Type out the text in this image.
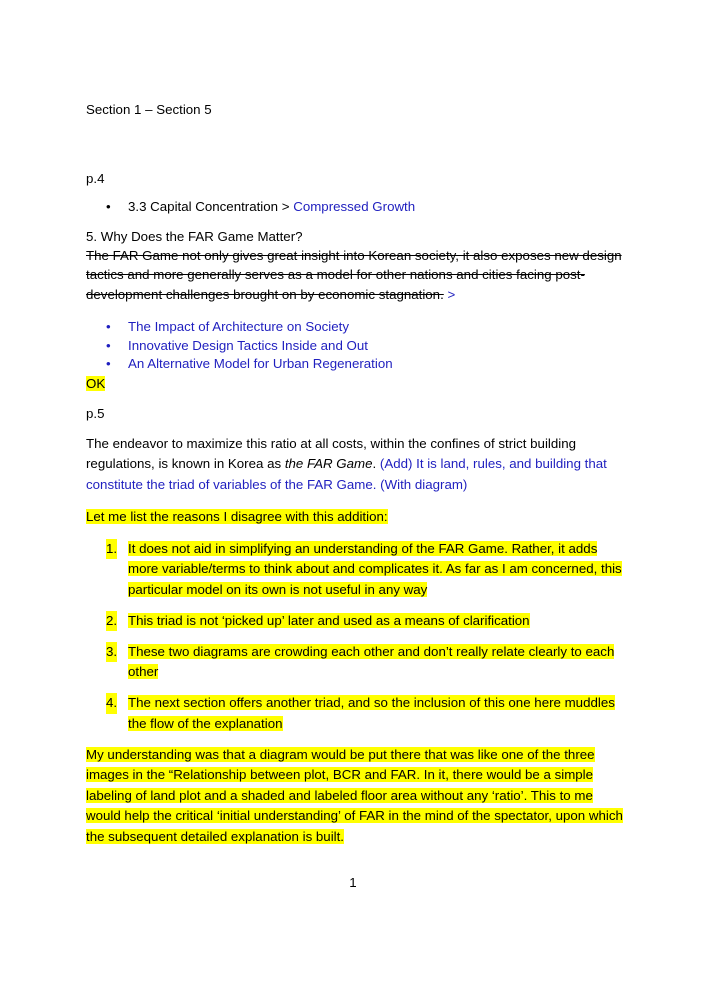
Section 1 – Section 5

p.4

• 3.3 Capital Concentration > Compressed Growth

5. Why Does the FAR Game Matter?

The FAR Game not only gives great insight into Korean society, it also exposes new design tactics and more generally serves as a model for other nations and cities facing post-development challenges brought on by economic stagnation. >

• The Impact of Architecture on Society
• Innovative Design Tactics Inside and Out
• An Alternative Model for Urban Regeneration

OK

p.5

The endeavor to maximize this ratio at all costs, within the confines of strict building regulations, is known in Korea as the FAR Game. (Add) It is land, rules, and building that constitute the triad of variables of the FAR Game. (With diagram)

Let me list the reasons I disagree with this addition:

1. It does not aid in simplifying an understanding of the FAR Game. Rather, it adds more variable/terms to think about and complicates it. As far as I am concerned, this particular model on its own is not useful in any way
2. This triad is not ‘picked up’ later and used as a means of clarification
3. These two diagrams are crowding each other and don’t really relate clearly to each other
4. The next section offers another triad, and so the inclusion of this one here muddles the flow of the explanation

My understanding was that a diagram would be put there that was like one of the three images in the “Relationship between plot, BCR and FAR. In it, there would be a simple labeling of land plot and a shaded and labeled floor area without any ‘ratio’. This to me would help the critical ‘initial understanding’ of FAR in the mind of the spectator, upon which the subsequent detailed explanation is built.

1
